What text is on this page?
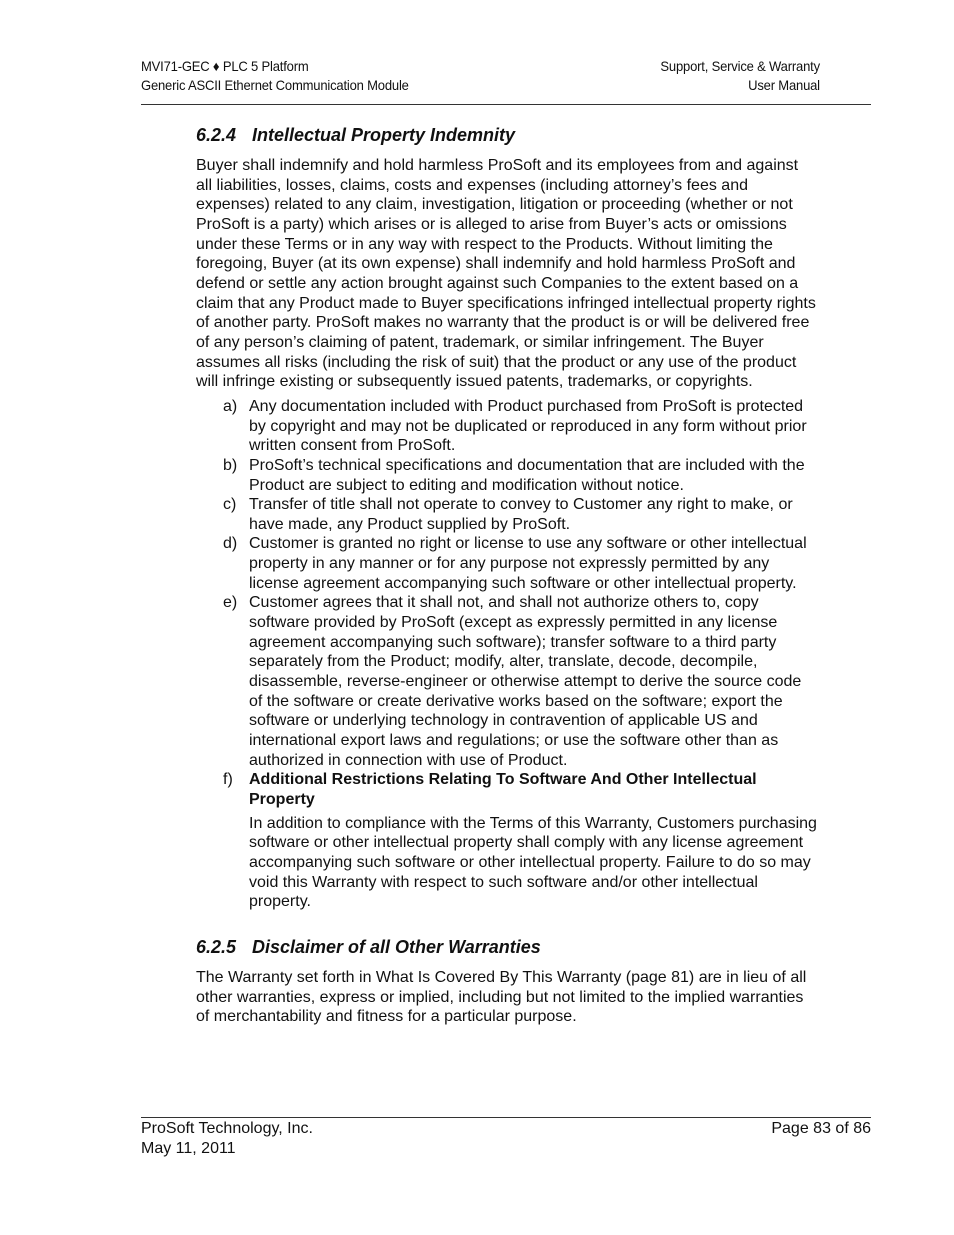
MVI71-GEC ♦ PLC 5 Platform	Support, Service & Warranty
Generic ASCII Ethernet Communication Module	User Manual
6.2.4 Intellectual Property Indemnity

Buyer shall indemnify and hold harmless ProSoft and its employees from and against all liabilities, losses, claims, costs and expenses (including attorney’s fees and expenses) related to any claim, investigation, litigation or proceeding (whether or not ProSoft is a party) which arises or is alleged to arise from Buyer’s acts or omissions under these Terms or in any way with respect to the Products. Without limiting the foregoing, Buyer (at its own expense) shall indemnify and hold harmless ProSoft and defend or settle any action brought against such Companies to the extent based on a claim that any Product made to Buyer specifications infringed intellectual property rights of another party. ProSoft makes no warranty that the product is or will be delivered free of any person’s claiming of patent, trademark, or similar infringement. The Buyer assumes all risks (including the risk of suit) that the product or any use of the product will infringe existing or subsequently issued patents, trademarks, or copyrights.

a) Any documentation included with Product purchased from ProSoft is protected by copyright and may not be duplicated or reproduced in any form without prior written consent from ProSoft.
b) ProSoft’s technical specifications and documentation that are included with the Product are subject to editing and modification without notice.
c) Transfer of title shall not operate to convey to Customer any right to make, or have made, any Product supplied by ProSoft.
d) Customer is granted no right or license to use any software or other intellectual property in any manner or for any purpose not expressly permitted by any license agreement accompanying such software or other intellectual property.
e) Customer agrees that it shall not, and shall not authorize others to, copy software provided by ProSoft (except as expressly permitted in any license agreement accompanying such software); transfer software to a third party separately from the Product; modify, alter, translate, decode, decompile, disassemble, reverse-engineer or otherwise attempt to derive the source code of the software or create derivative works based on the software; export the software or underlying technology in contravention of applicable US and international export laws and regulations; or use the software other than as authorized in connection with use of Product.
f)	Additional Restrictions Relating To Software And Other Intellectual Property

In addition to compliance with the Terms of this Warranty, Customers purchasing software or other intellectual property shall comply with any license agreement accompanying such software or other intellectual property. Failure to do so may void this Warranty with respect to such software and/or other intellectual property.

6.2.5 Disclaimer of all Other Warranties

The Warranty set forth in What Is Covered By This Warranty (page 81) are in lieu of all other warranties, express or implied, including but not limited to the implied warranties of merchantability and fitness for a particular purpose.

ProSoft Technology, Inc.	Page 83 of 86
May 11, 2011
